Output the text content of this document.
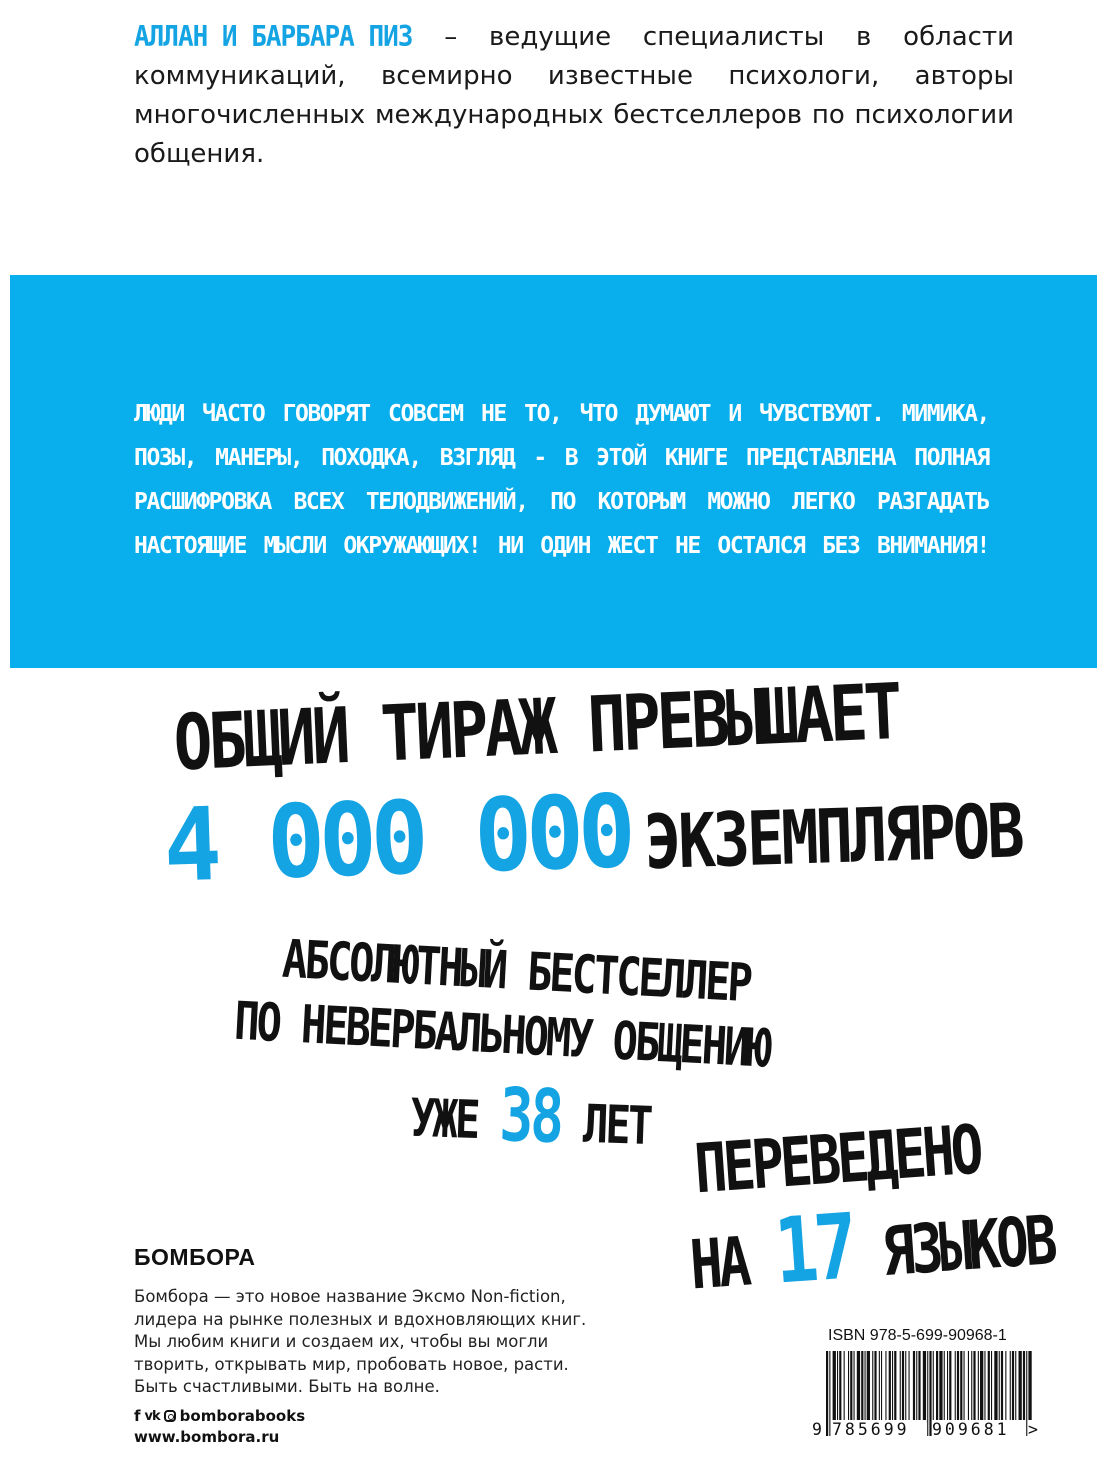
АЛЛАН И БАРБАРА ПИЗ – ведущие специалисты в области коммуникаций, всемирно известные психологи, авторы многочисленных международных бестселлеров по психологии общения.
ЛЮДИ ЧАСТО ГОВОРЯТ СОВСЕМ НЕ ТО, ЧТО ДУМАЮТ И ЧУВСТВУЮТ. МИМИКА, ПОЗЫ, МАНЕРЫ, ПОХОДКА, ВЗГЛЯД - В ЭТОЙ КНИГЕ ПРЕДСТАВЛЕНА ПОЛНАЯ РАСШИФРОВКА ВСЕХ ТЕЛОДВИЖЕНИЙ, ПО КОТОРЫМ МОЖНО ЛЕГКО РАЗГАДАТЬ НАСТОЯЩИЕ МЫСЛИ ОКРУЖАЮЩИХ! НИ ОДИН ЖЕСТ НЕ ОСТАЛСЯ БЕЗ ВНИМАНИЯ!
ОБЩИЙ ТИРАЖ ПРЕВЫШАЕТ
4 000 000 ЭКЗЕМПЛЯРОВ
АБСОЛЮТНЫЙ БЕСТСЕЛЛЕР
ПО НЕВЕРБАЛЬНОМУ ОБЩЕНИЮ
УЖЕ 38 ЛЕТ ПЕРЕВЕДЕНО
НА 17 ЯЗЫКОВ
БОМБОРА
Бомбора — это новое название Эксмо Non-fiction, лидера на рынке полезных и вдохновляющих книг. Мы любим книги и создаем их, чтобы вы могли творить, открывать мир, пробовать новое, расти. Быть счастливыми. Быть на волне.
f vk bomborabooks
www.bombora.ru
ISBN 978-5-699-90968-1
9 785699	909681	>
